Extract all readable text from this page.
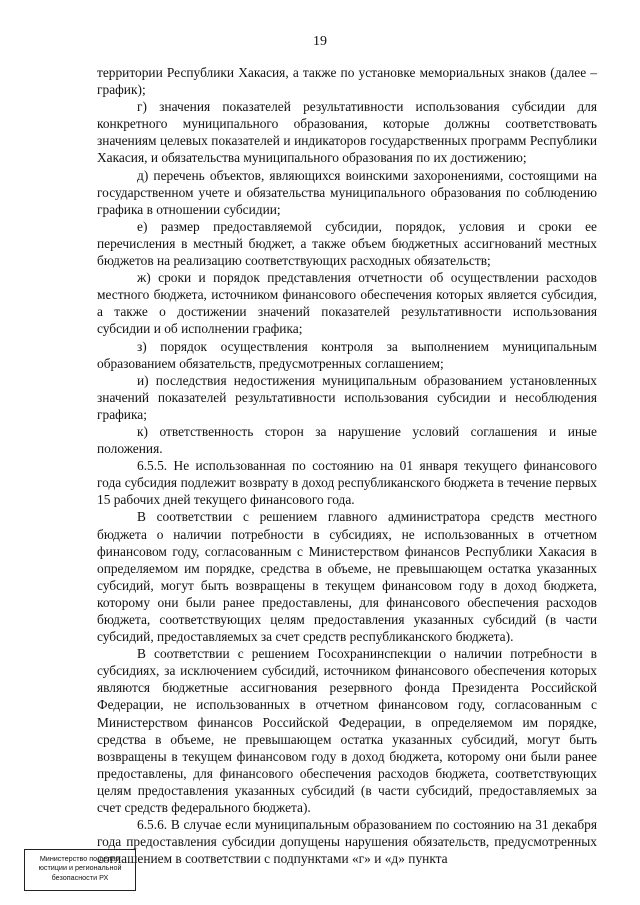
19

территории Республики Хакасия, а также по установке мемориальных знаков (далее – график);

г) значения показателей результативности использования субсидии для конкретного муниципального образования, которые должны соответствовать значениям целевых показателей и индикаторов государственных программ Республики Хакасия, и обязательства муниципального образования по их достижению;

д) перечень объектов, являющихся воинскими захоронениями, состоящими на государственном учете и обязательства муниципального образования по соблюдению графика в отношении субсидии;

е) размер предоставляемой субсидии, порядок, условия и сроки ее перечисления в местный бюджет, а также объем бюджетных ассигнований местных бюджетов на реализацию соответствующих расходных обязательств;

ж) сроки и порядок представления отчетности об осуществлении расходов местного бюджета, источником финансового обеспечения которых является субсидия, а также о достижении значений показателей результативности использования субсидии и об исполнении графика;

з) порядок осуществления контроля за выполнением муниципальным образованием обязательств, предусмотренных соглашением;

и) последствия недостижения муниципальным образованием установленных значений показателей результативности использования субсидии и несоблюдения графика;

к) ответственность сторон за нарушение условий соглашения и иные положения.

6.5.5. Не использованная по состоянию на 01 января текущего финансового года субсидия подлежит возврату в доход республиканского бюджета в течение первых 15 рабочих дней текущего финансового года.

В соответствии с решением главного администратора средств местного бюджета о наличии потребности в субсидиях, не использованных в отчетном финансовом году, согласованным с Министерством финансов Республики Хакасия в определяемом им порядке, средства в объеме, не превышающем остатка указанных субсидий, могут быть возвращены в текущем финансовом году в доход бюджета, которому они были ранее предоставлены, для финансового обеспечения расходов бюджета, соответствующих целям предоставления указанных субсидий (в части субсидий, предоставляемых за счет средств республиканского бюджета).

В соответствии с решением Госохранинспекции о наличии потребности в субсидиях, за исключением субсидий, источником финансового обеспечения которых являются бюджетные ассигнования резервного фонда Президента Российской Федерации, не использованных в отчетном финансовом году, согласованным с Министерством финансов Российской Федерации, в определяемом им порядке, средства в объеме, не превышающем остатка указанных субсидий, могут быть возвращены в текущем финансовом году в доход бюджета, которому они были ранее предоставлены, для финансового обеспечения расходов бюджета, соответствующих целям предоставления указанных субсидий (в части субсидий, предоставляемых за счет средств федерального бюджета).

6.5.6. В случае если муниципальным образованием по состоянию на 31 декабря года предоставления субсидии допущены нарушения обязательств, предусмотренных соглашением в соответствии с подпунктами «г» и «д» пункта

Министерство по делам
юстиции и региональной
безопасности РХ
